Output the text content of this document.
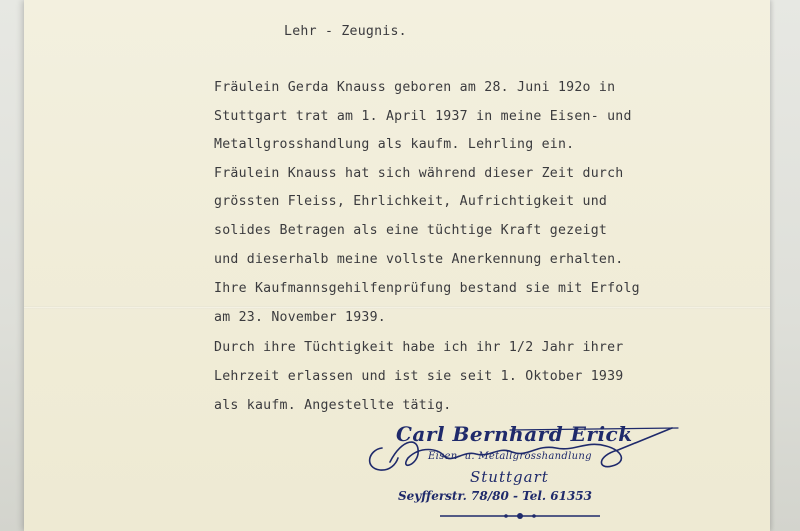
Lehr - Zeugnis.

Fräulein Gerda Knauss geboren am 28. Juni 192o in

Stuttgart trat am 1. April 1937 in meine Eisen- und

Metallgrosshandlung als kaufm. Lehrling ein.

Fräulein Knauss hat sich während dieser Zeit durch

grössten Fleiss, Ehrlichkeit, Aufrichtigkeit und

solides Betragen als eine tüchtige Kraft gezeigt

und dieserhalb meine vollste Anerkennung erhalten.

Ihre Kaufmannsgehilfenprüfung bestand sie mit Erfolg

am 23. November 1939.

Durch ihre Tüchtigkeit habe ich ihr 1/2 Jahr ihrer

Lehrzeit erlassen und ist sie seit 1. Oktober 1939

als kaufm. Angestellte tätig.

Carl Bernhard Erick
Eisen- u. Metallgrosshandlung
Stuttgart
Seyfferstr. 78/80 - Tel. 61353
